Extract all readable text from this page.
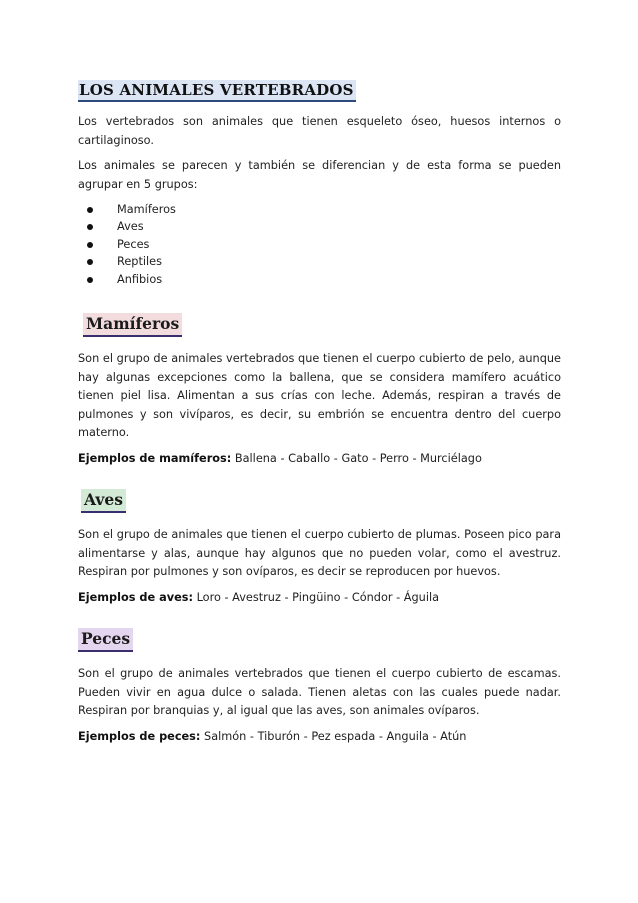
LOS ANIMALES VERTEBRADOS

Los vertebrados son animales que tienen esqueleto óseo, huesos internos o cartilaginoso.

Los animales se parecen y también se diferencian y de esta forma se pueden agrupar en 5 grupos:

Mamíferos
Aves
Peces
Reptiles
Anfibios
Mamíferos

Son el grupo de animales vertebrados que tienen el cuerpo cubierto de pelo, aunque hay algunas excepciones como la ballena, que se considera mamífero acuático tienen piel lisa. Alimentan a sus crías con leche. Además, respiran a través de pulmones y son vivíparos, es decir, su embrión se encuentra dentro del cuerpo materno.

Ejemplos de mamíferos: Ballena - Caballo - Gato - Perro - Murciélago

Aves

Son el grupo de animales que tienen el cuerpo cubierto de plumas. Poseen pico para alimentarse y alas, aunque hay algunos que no pueden volar, como el avestruz. Respiran por pulmones y son ovíparos, es decir se reproducen por huevos.

Ejemplos de aves: Loro - Avestruz - Pingüino - Cóndor - Águila

Peces

Son el grupo de animales vertebrados que tienen el cuerpo cubierto de escamas. Pueden vivir en agua dulce o salada. Tienen aletas con las cuales puede nadar. Respiran por branquias y, al igual que las aves, son animales ovíparos.

Ejemplos de peces: Salmón - Tiburón - Pez espada - Anguila - Atún
